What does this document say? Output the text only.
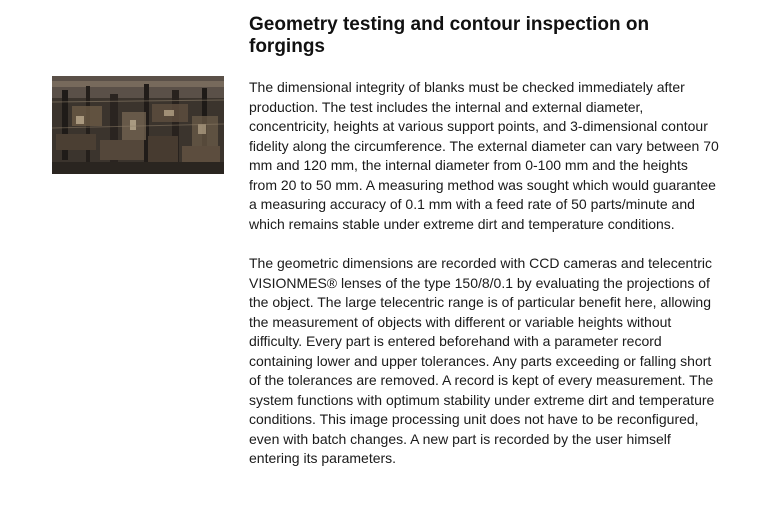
Geometry testing and contour inspection on forgings

The dimensional integrity of blanks must be checked immediately after production. The test includes the internal and external diameter, concentricity, heights at various support points, and 3-dimensional contour fidelity along the circumference. The external diameter can vary between 70 mm and 120 mm, the internal diameter from 0-100 mm and the heights from 20 to 50 mm. A measuring method was sought which would guarantee a measuring accuracy of 0.1 mm with a feed rate of 50 parts/minute and which remains stable under extreme dirt and temperature conditions.

The geometric dimensions are recorded with CCD cameras and telecentric VISIONMES® lenses of the type 150/8/0.1 by evaluating the projections of the object. The large telecentric range is of particular benefit here, allowing the measurement of objects with different or variable heights without difficulty. Every part is entered beforehand with a parameter record containing lower and upper tolerances. Any parts exceeding or falling short of the tolerances are removed. A record is kept of every measurement. The system functions with optimum stability under extreme dirt and temperature conditions. This image processing unit does not have to be reconfigured, even with batch changes. A new part is recorded by the user himself entering its parameters.
